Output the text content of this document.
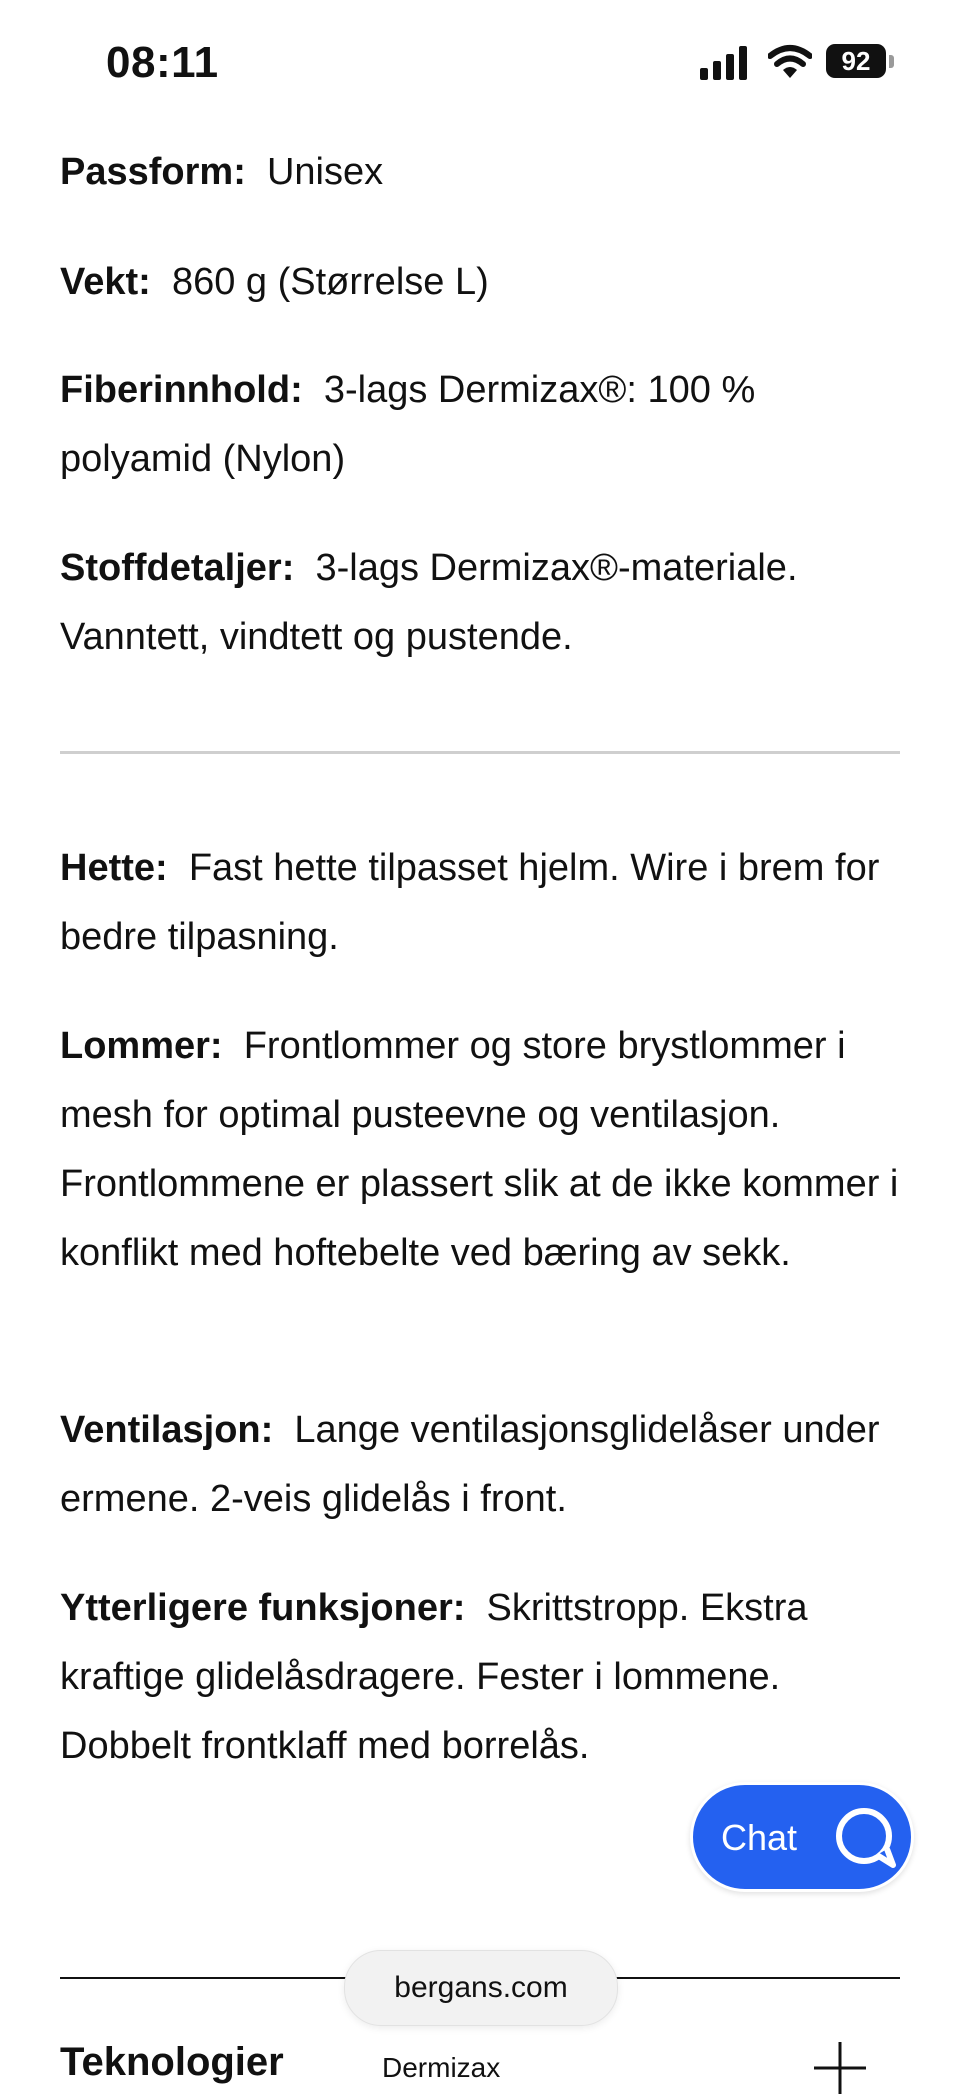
08:11	92

Passform: Unisex

Vekt: 860 g (Størrelse L)

Fiberinnhold: 3-lags Dermizax®: 100 % polyamid (Nylon)

Stoffdetaljer: 3-lags Dermizax®-materiale. Vanntett, vindtett og pustende.

Hette: Fast hette tilpasset hjelm. Wire i brem for bedre tilpasning.

Lommer: Frontlommer og store brystlommer i mesh for optimal pusteevne og ventilasjon. Frontlommene er plassert slik at de ikke kommer i konflikt med hoftebelte ved bæring av sekk.

Ventilasjon: Lange ventilasjonsglidelåser under ermene. 2-veis glidelås i front.

Ytterligere funksjoner: Skrittstropp. Ekstra kraftige glidelåsdragere. Fester i lommene. Dobbelt frontklaff med borrelås.

Chat
Teknologier	Dermizax
bergans.com
